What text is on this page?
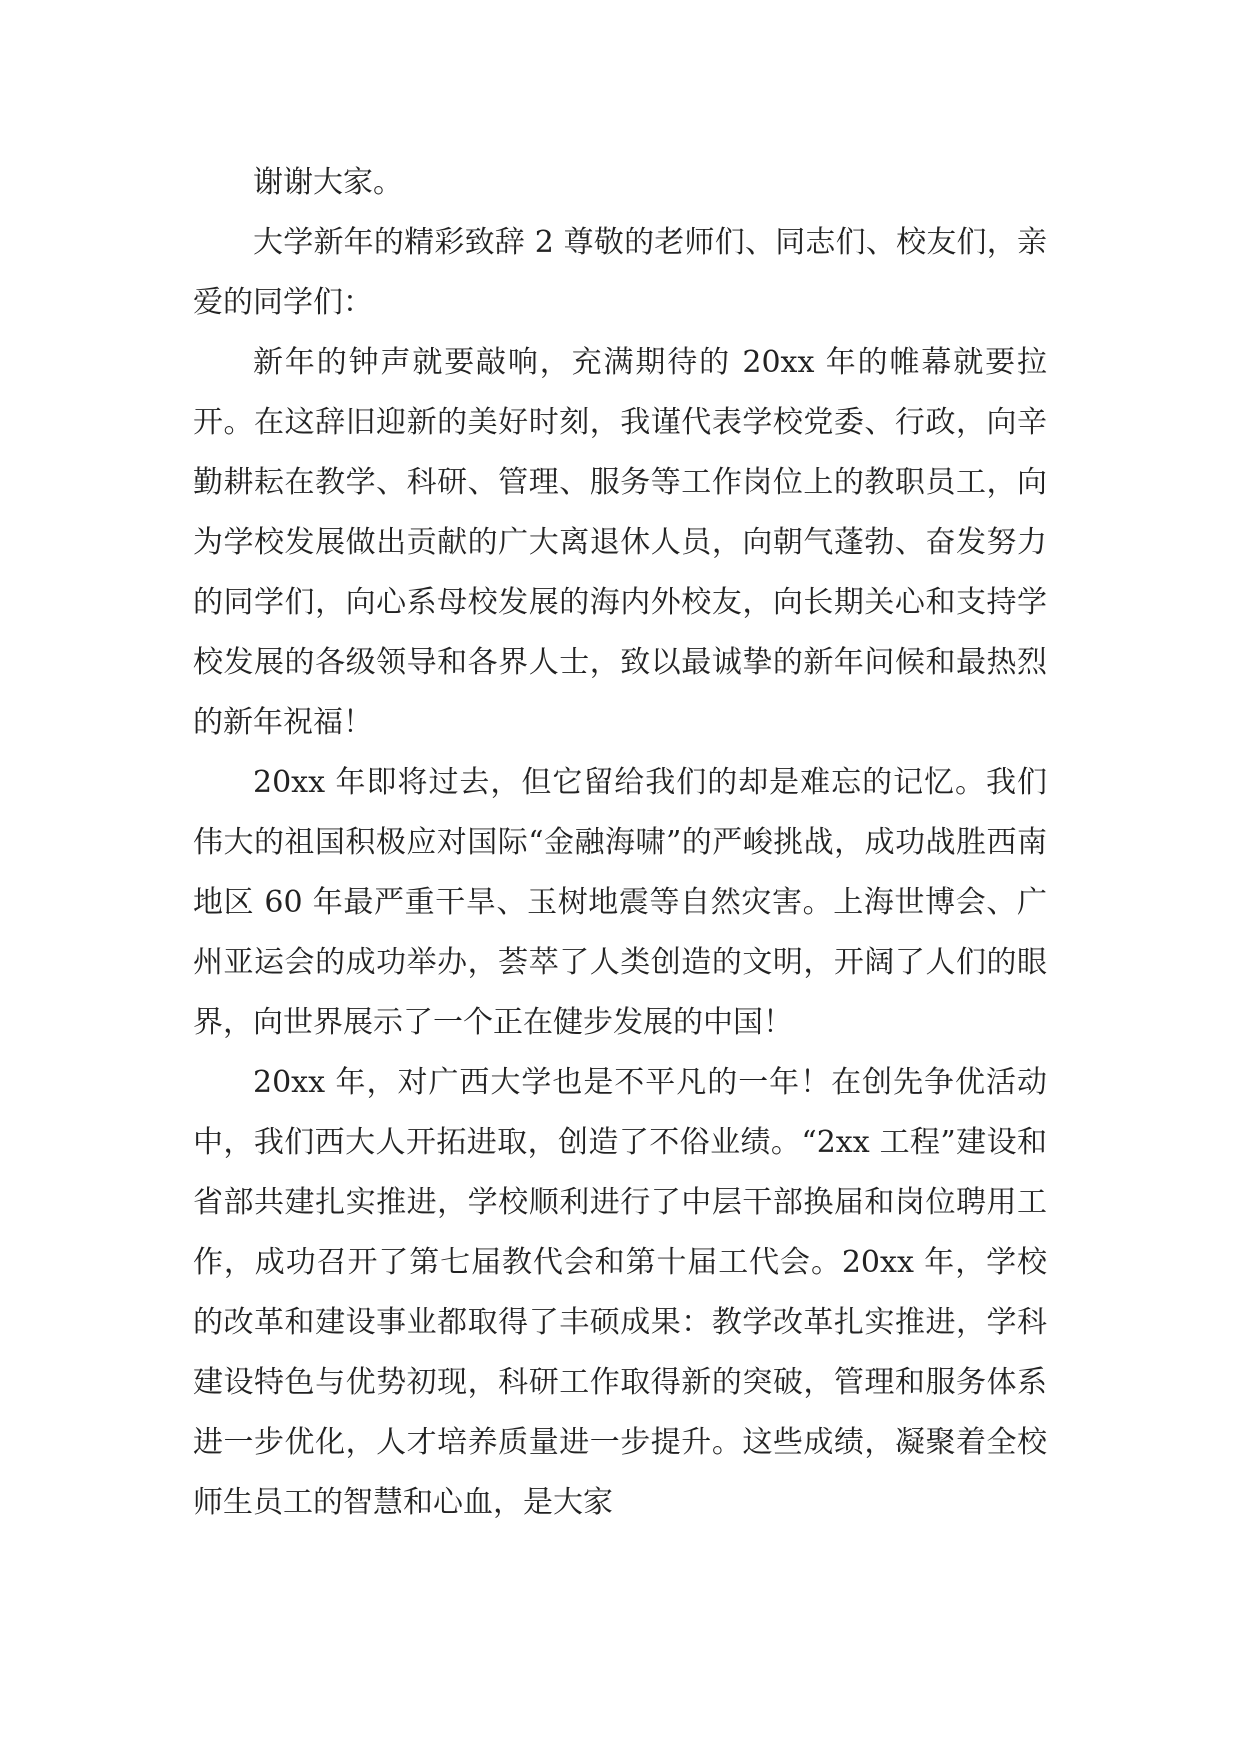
谢谢大家。

大学新年的精彩致辞 2 尊敬的老师们、同志们、校友们，亲爱的同学们：

新年的钟声就要敲响，充满期待的 20xx 年的帷幕就要拉开。在这辞旧迎新的美好时刻，我谨代表学校党委、行政，向辛勤耕耘在教学、科研、管理、服务等工作岗位上的教职员工，向为学校发展做出贡献的广大离退休人员，向朝气蓬勃、奋发努力的同学们，向心系母校发展的海内外校友，向长期关心和支持学校发展的各级领导和各界人士，致以最诚挚的新年问候和最热烈的新年祝福！

20xx 年即将过去，但它留给我们的却是难忘的记忆。我们伟大的祖国积极应对国际“金融海啸”的严峻挑战，成功战胜西南地区 60 年最严重干旱、玉树地震等自然灾害。上海世博会、广州亚运会的成功举办，荟萃了人类创造的文明，开阔了人们的眼界，向世界展示了一个正在健步发展的中国！

20xx 年，对广西大学也是不平凡的一年！在创先争优活动中，我们西大人开拓进取，创造了不俗业绩。“2xx 工程”建设和省部共建扎实推进，学校顺利进行了中层干部换届和岗位聘用工作，成功召开了第七届教代会和第十届工代会。20xx 年，学校的改革和建设事业都取得了丰硕成果：教学改革扎实推进，学科建设特色与优势初现，科研工作取得新的突破，管理和服务体系进一步优化，人才培养质量进一步提升。这些成绩，凝聚着全校师生员工的智慧和心血，是大家
